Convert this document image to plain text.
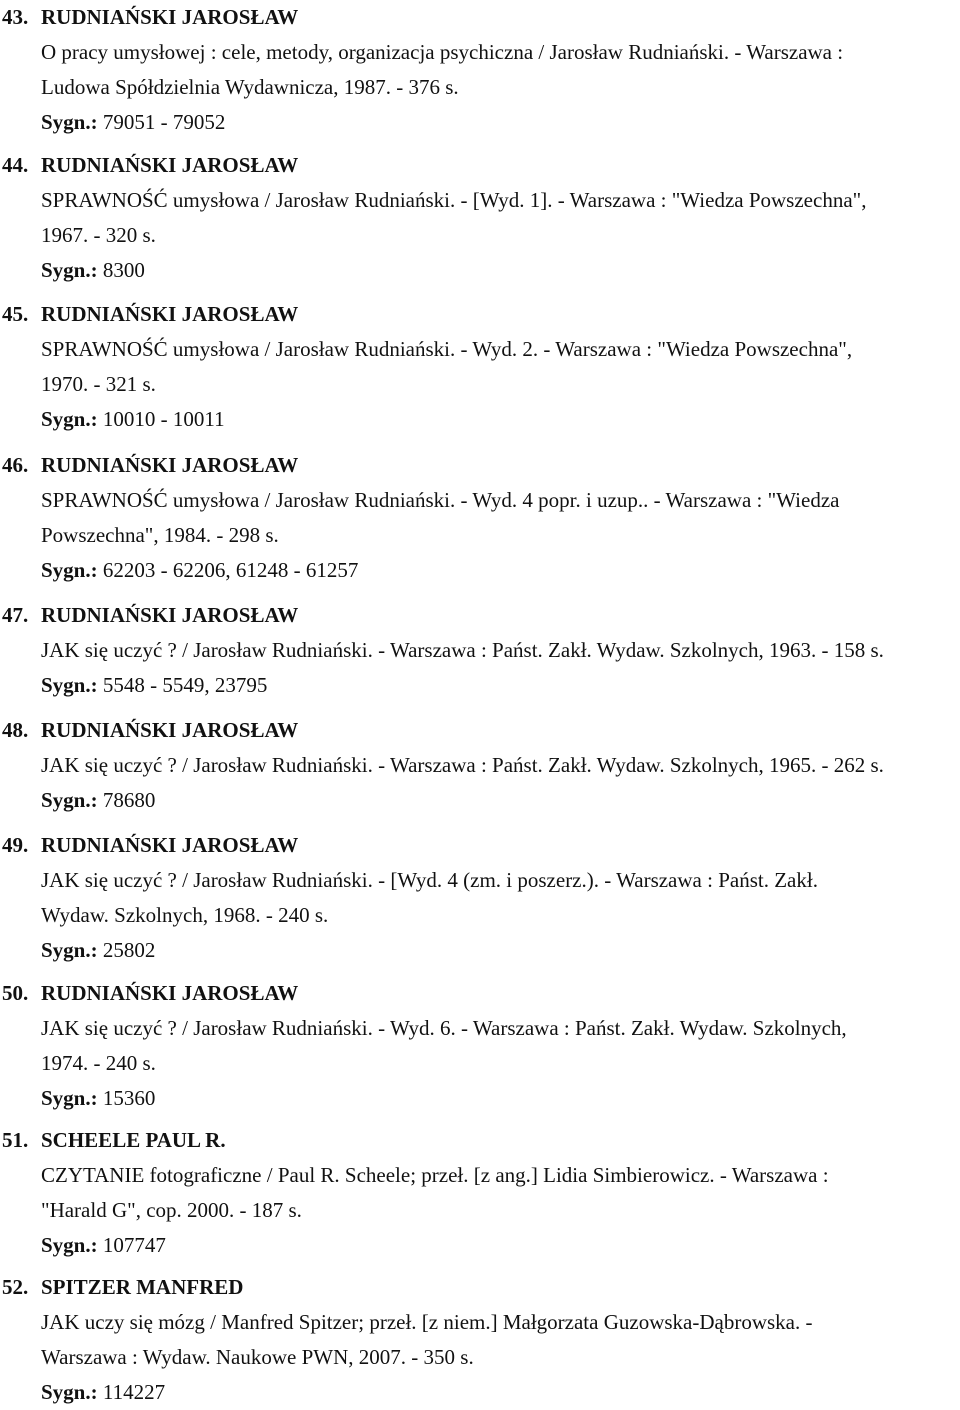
43. RUDNIAŃSKI JAROSŁAW
O pracy umysłowej : cele, metody, organizacja psychiczna / Jarosław Rudniański. - Warszawa :
Ludowa Spółdzielnia Wydawnicza, 1987. - 376 s.
Sygn.: 79051 - 79052
44. RUDNIAŃSKI JAROSŁAW
SPRAWNOŚĆ umysłowa / Jarosław Rudniański. - [Wyd. 1]. - Warszawa : "Wiedza Powszechna",
1967. - 320 s.
Sygn.: 8300
45. RUDNIAŃSKI JAROSŁAW
SPRAWNOŚĆ umysłowa / Jarosław Rudniański. - Wyd. 2. - Warszawa : "Wiedza Powszechna",
1970. - 321 s.
Sygn.: 10010 - 10011
46. RUDNIAŃSKI JAROSŁAW
SPRAWNOŚĆ umysłowa / Jarosław Rudniański. - Wyd. 4 popr. i uzup.. - Warszawa : "Wiedza
Powszechna", 1984. - 298 s.
Sygn.: 62203 - 62206, 61248 - 61257
47. RUDNIAŃSKI JAROSŁAW
JAK się uczyć ? / Jarosław Rudniański. - Warszawa : Państ. Zakł. Wydaw. Szkolnych, 1963. - 158 s.
Sygn.: 5548 - 5549, 23795
48. RUDNIAŃSKI JAROSŁAW
JAK się uczyć ? / Jarosław Rudniański. - Warszawa : Państ. Zakł. Wydaw. Szkolnych, 1965. - 262 s.
Sygn.: 78680
49. RUDNIAŃSKI JAROSŁAW
JAK się uczyć ? / Jarosław Rudniański. - [Wyd. 4 (zm. i poszerz.). - Warszawa : Państ. Zakł.
Wydaw. Szkolnych, 1968. - 240 s.
Sygn.: 25802
50. RUDNIAŃSKI JAROSŁAW
JAK się uczyć ? / Jarosław Rudniański. - Wyd. 6. - Warszawa : Państ. Zakł. Wydaw. Szkolnych,
1974. - 240 s.
Sygn.: 15360
51. SCHEELE PAUL R.
CZYTANIE fotograficzne / Paul R. Scheele; przeł. [z ang.] Lidia Simbierowicz. - Warszawa :
"Harald G", cop. 2000. - 187 s.
Sygn.: 107747
52. SPITZER MANFRED
JAK uczy się mózg / Manfred Spitzer; przeł. [z niem.] Małgorzata Guzowska-Dąbrowska. -
Warszawa : Wydaw. Naukowe PWN, 2007. - 350 s.
Sygn.: 114227
